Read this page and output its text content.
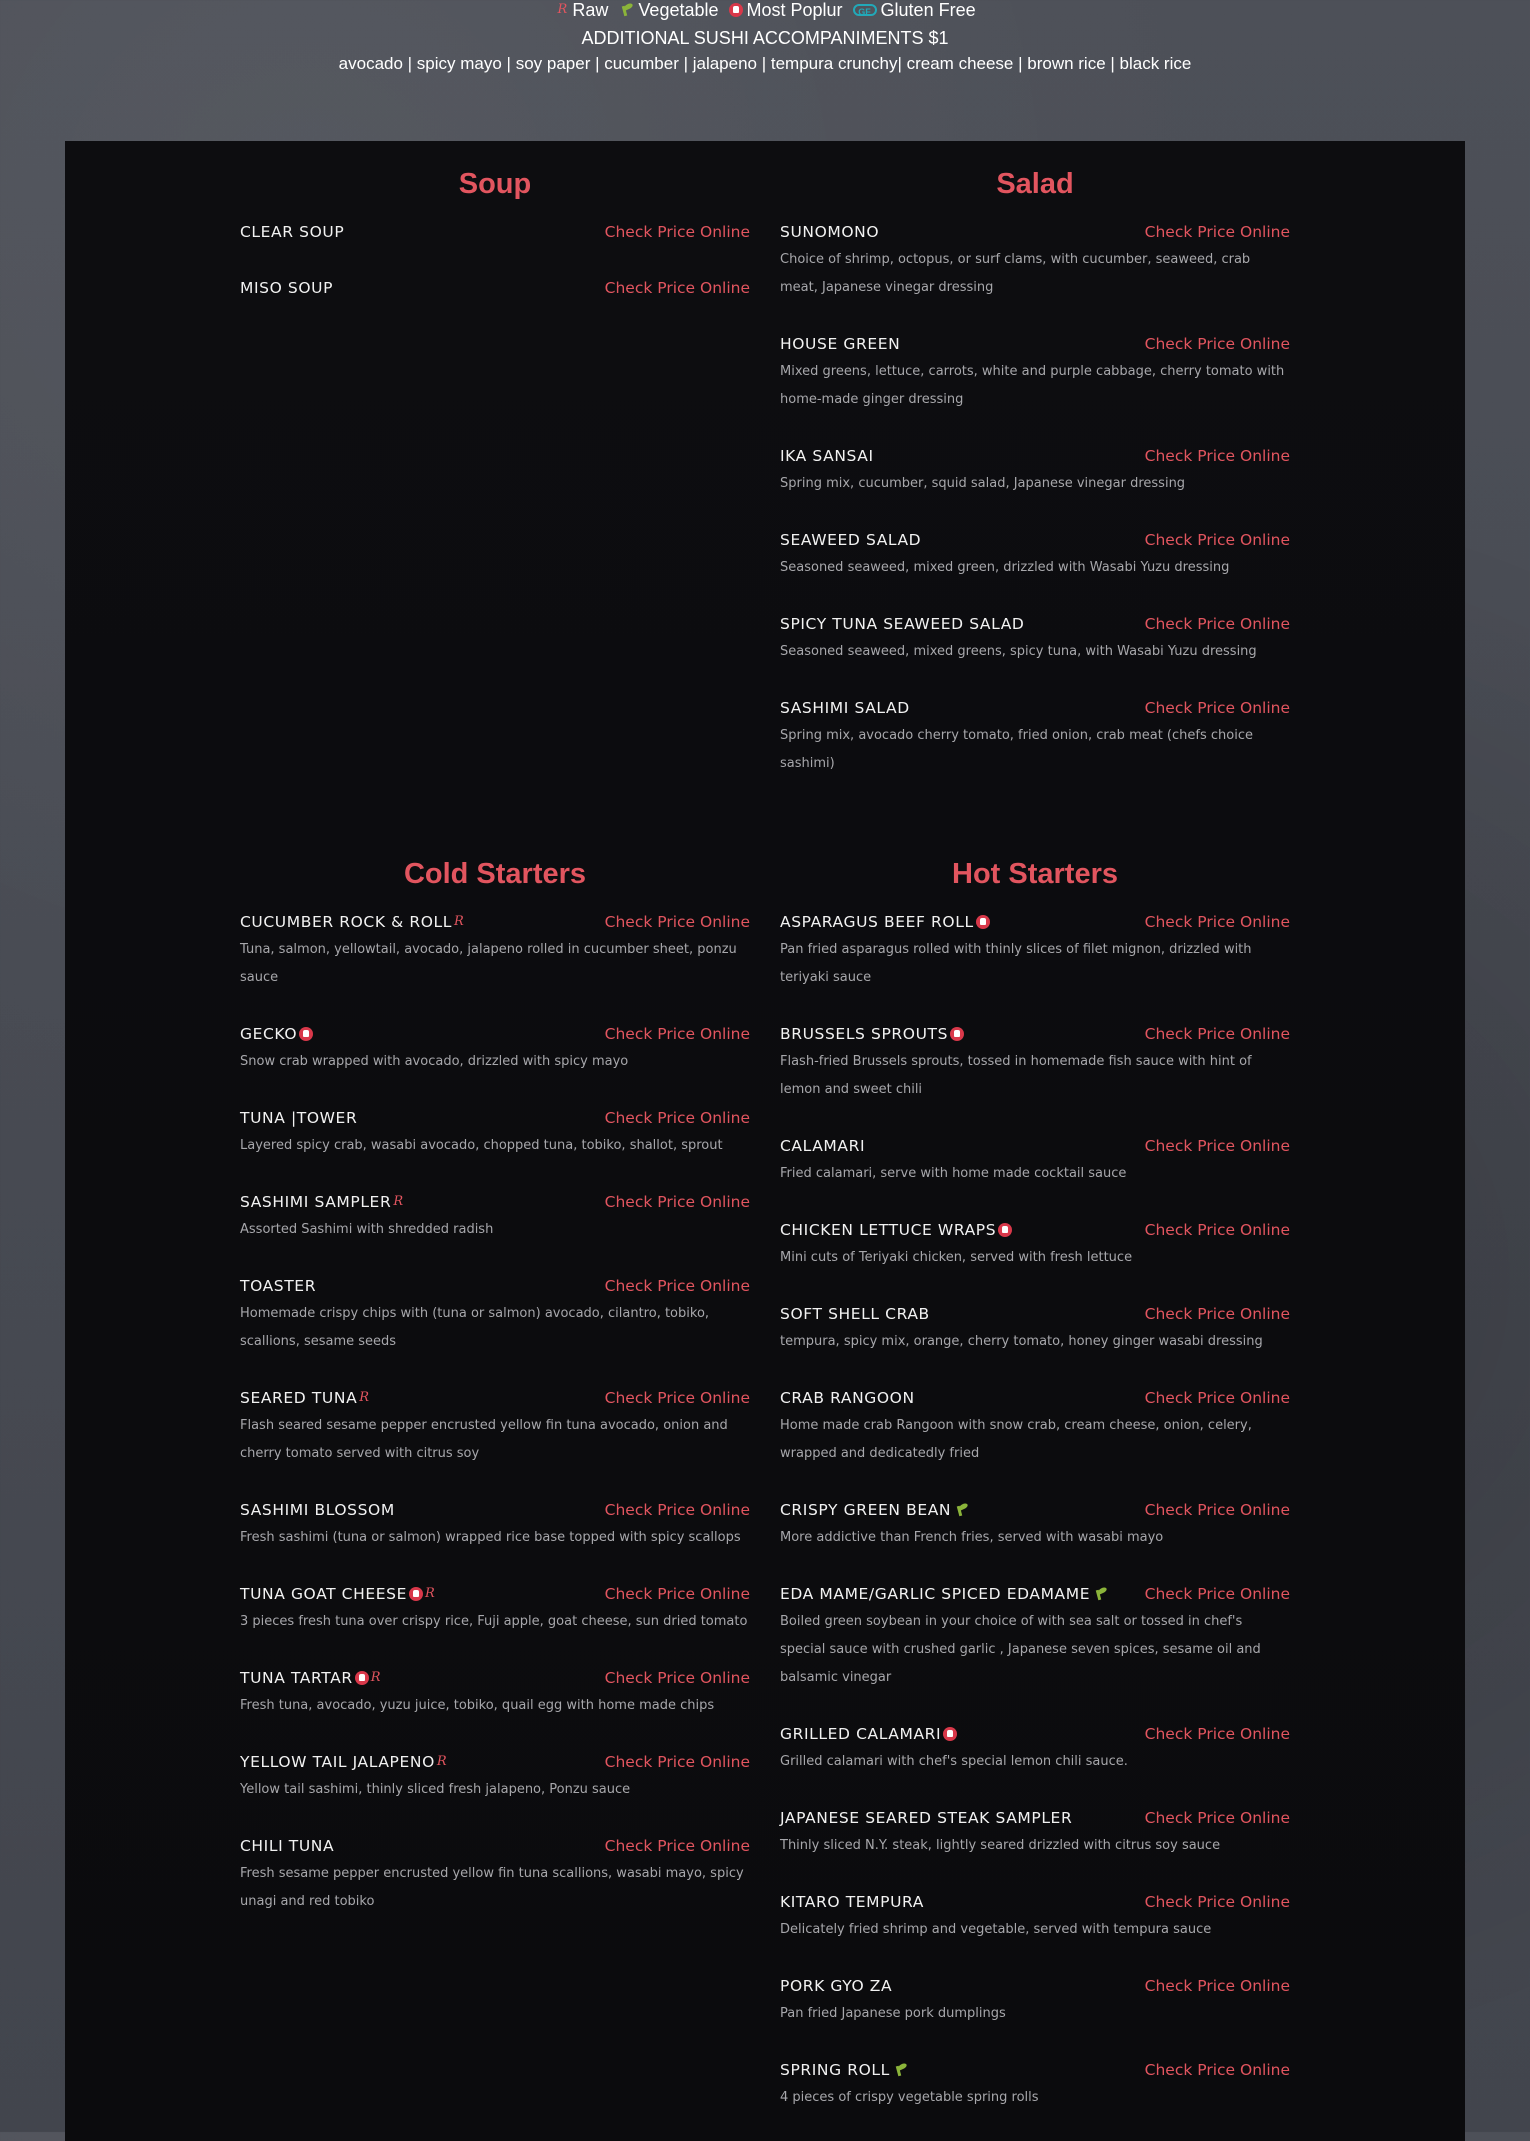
R Raw Vegetable Most Poplur	GF Gluten Free
ADDITIONAL SUSHI ACCOMPANIMENTS $1
avocado | spicy mayo | soy paper | cucumber | jalapeno | tempura crunchy| cream cheese | brown rice | black rice
Soup
CLEAR SOUP	Check Price Online
MISO SOUP	Check Price Online
Salad
SUNOMONO	Check Price Online
Choice of shrimp, octopus, or surf clams, with cucumber, seaweed, crab meat, Japanese vinegar dressing
HOUSE GREEN	Check Price Online
Mixed greens, lettuce, carrots, white and purple cabbage, cherry tomato with home-made ginger dressing
IKA SANSAI	Check Price Online
Spring mix, cucumber, squid salad, Japanese vinegar dressing
SEAWEED SALAD	Check Price Online
Seasoned seaweed, mixed green, drizzled with Wasabi Yuzu dressing
SPICY TUNA SEAWEED SALAD	Check Price Online
Seasoned seaweed, mixed greens, spicy tuna, with Wasabi Yuzu dressing
SASHIMI SALAD	Check Price Online
Spring mix, avocado cherry tomato, fried onion, crab meat (chefs choice sashimi)
Cold Starters
CUCUMBER ROCK & ROLL R	Check Price Online
Tuna, salmon, yellowtail, avocado, jalapeno rolled in cucumber sheet, ponzu sauce
GECKO	Check Price Online
Snow crab wrapped with avocado, drizzled with spicy mayo
TUNA |TOWER	Check Price Online
Layered spicy crab, wasabi avocado, chopped tuna, tobiko, shallot, sprout
SASHIMI SAMPLER R	Check Price Online
Assorted Sashimi with shredded radish
TOASTER	Check Price Online
Homemade crispy chips with (tuna or salmon) avocado, cilantro, tobiko, scallions, sesame seeds
SEARED TUNA R	Check Price Online
Flash seared sesame pepper encrusted yellow fin tuna avocado, onion and cherry tomato served with citrus soy
SASHIMI BLOSSOM	Check Price Online
Fresh sashimi (tuna or salmon) wrapped rice base topped with spicy scallops
TUNA GOAT CHEESE R	Check Price Online
3 pieces fresh tuna over crispy rice, Fuji apple, goat cheese, sun dried tomato
TUNA TARTAR R	Check Price Online
Fresh tuna, avocado, yuzu juice, tobiko, quail egg with home made chips
YELLOW TAIL JALAPENO R	Check Price Online
Yellow tail sashimi, thinly sliced fresh jalapeno, Ponzu sauce
CHILI TUNA	Check Price Online
Fresh sesame pepper encrusted yellow fin tuna scallions, wasabi mayo, spicy unagi and red tobiko
Hot Starters
ASPARAGUS BEEF ROLL	Check Price Online
Pan fried asparagus rolled with thinly slices of filet mignon, drizzled with teriyaki sauce
BRUSSELS SPROUTS	Check Price Online
Flash-fried Brussels sprouts, tossed in homemade fish sauce with hint of lemon and sweet chili
CALAMARI	Check Price Online
Fried calamari, serve with home made cocktail sauce
CHICKEN LETTUCE WRAPS	Check Price Online
Mini cuts of Teriyaki chicken, served with fresh lettuce
SOFT SHELL CRAB	Check Price Online
tempura, spicy mix, orange, cherry tomato, honey ginger wasabi dressing
CRAB RANGOON	Check Price Online
Home made crab Rangoon with snow crab, cream cheese, onion, celery, wrapped and dedicatedly fried
CRISPY GREEN BEAN	Check Price Online
More addictive than French fries, served with wasabi mayo
EDA MAME/GARLIC SPICED EDAMAME	Check Price Online
Boiled green soybean in your choice of with sea salt or tossed in chef's special sauce with crushed garlic , Japanese seven spices, sesame oil and balsamic vinegar
GRILLED CALAMARI	Check Price Online
Grilled calamari with chef's special lemon chili sauce.
JAPANESE SEARED STEAK SAMPLER	Check Price Online
Thinly sliced N.Y. steak, lightly seared drizzled with citrus soy sauce
KITARO TEMPURA	Check Price Online
Delicately fried shrimp and vegetable, served with tempura sauce
PORK GYO ZA	Check Price Online
Pan fried Japanese pork dumplings
SPRING ROLL	Check Price Online
4 pieces of crispy vegetable spring rolls
